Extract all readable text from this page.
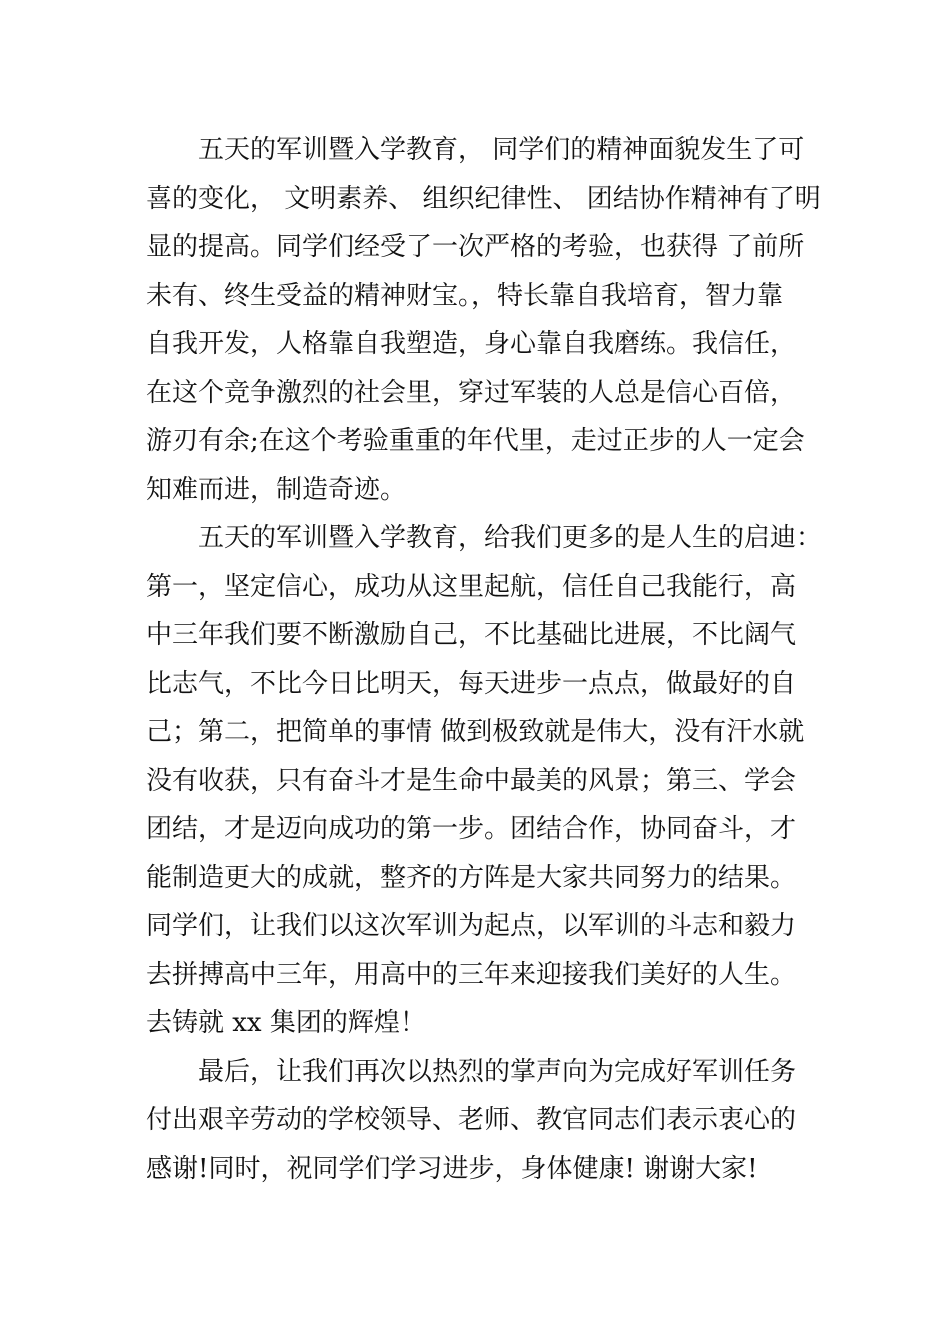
五天的军训暨入学教育， 同学们的精神面貌发生了可
喜的变化， 文明素养、 组织纪律性、 团结协作精神有了明
显的提高。同学们经受了一次严格的考验，也获得 了前所
未有、终生受益的精神财宝。，特长靠自我培育，智力靠
自我开发，人格靠自我塑造，身心靠自我磨练。我信任，
在这个竞争激烈的社会里，穿过军装的人总是信心百倍，
游刃有余;在这个考验重重的年代里，走过正步的人一定会
知难而进，制造奇迹。
五天的军训暨入学教育，给我们更多的是人生的启迪：
第一，坚定信心，成功从这里起航，信任自己我能行，高
中三年我们要不断激励自己，不比基础比进展，不比阔气
比志气，不比今日比明天，每天进步一点点，做最好的自
己；第二，把简单的事情 做到极致就是伟大，没有汗水就
没有收获，只有奋斗才是生命中最美的风景；第三、学会
团结，才是迈向成功的第一步。团结合作，协同奋斗，才
能制造更大的成就，整齐的方阵是大家共同努力的结果。
同学们，让我们以这次军训为起点，以军训的斗志和毅力
去拼搏高中三年，用高中的三年来迎接我们美好的人生。
去铸就 xx 集团的辉煌！
最后，让我们再次以热烈的掌声向为完成好军训任务
付出艰辛劳动的学校领导、老师、教官同志们表示衷心的
感谢!同时，祝同学们学习进步，身体健康! 谢谢大家!
